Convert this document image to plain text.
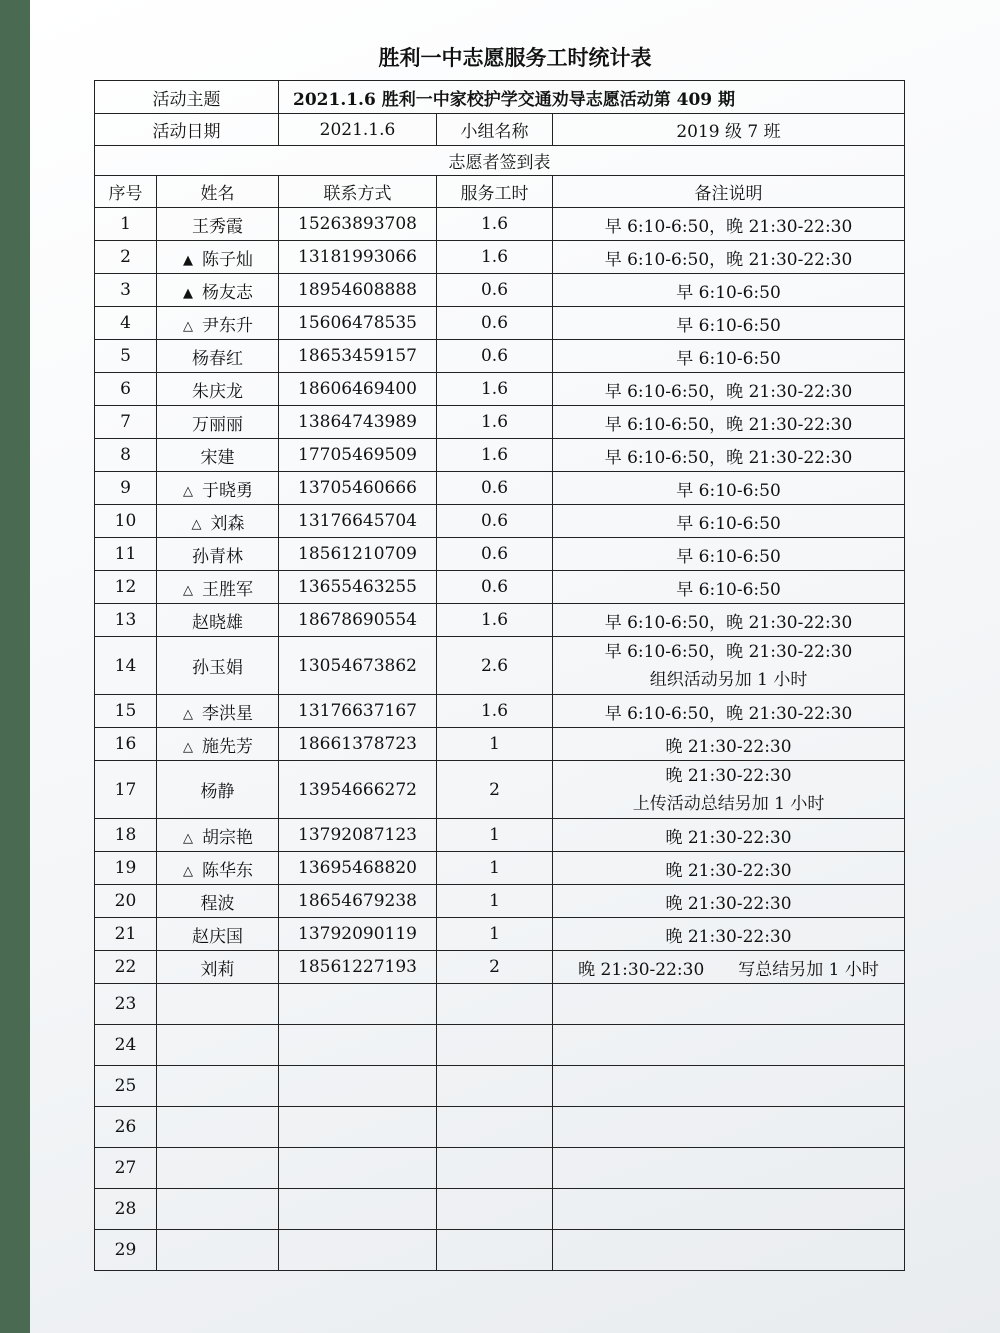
胜利一中志愿服务工时统计表
活动主题		2021.1.6 胜利一中家校护学交通劝导志愿活动第 409 期		
活动日期		2021.1.6	小组名称	2019 级 7 班
志愿者签到表				
序号	姓名	联系方式	服务工时	备注说明
1	王秀霞	15263893708	1.6	早 6:10-6:50，晚 21:30-22:30

2	▲ 陈子灿	13181993066	1.6	早 6:10-6:50，晚 21:30-22:30

3	▲ 杨友志	18954608888	0.6	早 6:10-6:50

4	△ 尹东升	15606478535	0.6	早 6:10-6:50

5	杨春红	18653459157	0.6	早 6:10-6:50

6	朱庆龙	18606469400	1.6	早 6:10-6:50，晚 21:30-22:30

7	万丽丽	13864743989	1.6	早 6:10-6:50，晚 21:30-22:30

8	宋建	17705469509	1.6	早 6:10-6:50，晚 21:30-22:30

9	△ 于晓勇	13705460666	0.6	早 6:10-6:50

10	△ 刘森	13176645704	0.6	早 6:10-6:50

11	孙青林	18561210709	0.6	早 6:10-6:50

12	△ 王胜军	13655463255	0.6	早 6:10-6:50

13	赵晓雄	18678690554	1.6	早 6:10-6:50，晚 21:30-22:30

14	孙玉娟	13054673862	2.6	早 6:10-6:50，晚 21:30-22:30
组织活动另加 1 小时

15	△ 李洪星	13176637167	1.6	早 6:10-6:50，晚 21:30-22:30

16	△ 施先芳	18661378723	1	晚 21:30-22:30

17	杨静	13954666272	2	晚 21:30-22:30
上传活动总结另加 1 小时

18	△ 胡宗艳	13792087123	1	晚 21:30-22:30

19	△ 陈华东	13695468820	1	晚 21:30-22:30

20	程波	18654679238	1	晚 21:30-22:30

21	赵庆国	13792090119	1	晚 21:30-22:30

22	刘莉	18561227193	2	晚 21:30-22:30　　写总结另加 1 小时

23				
24				
25				
26				
27				
28				
29				
